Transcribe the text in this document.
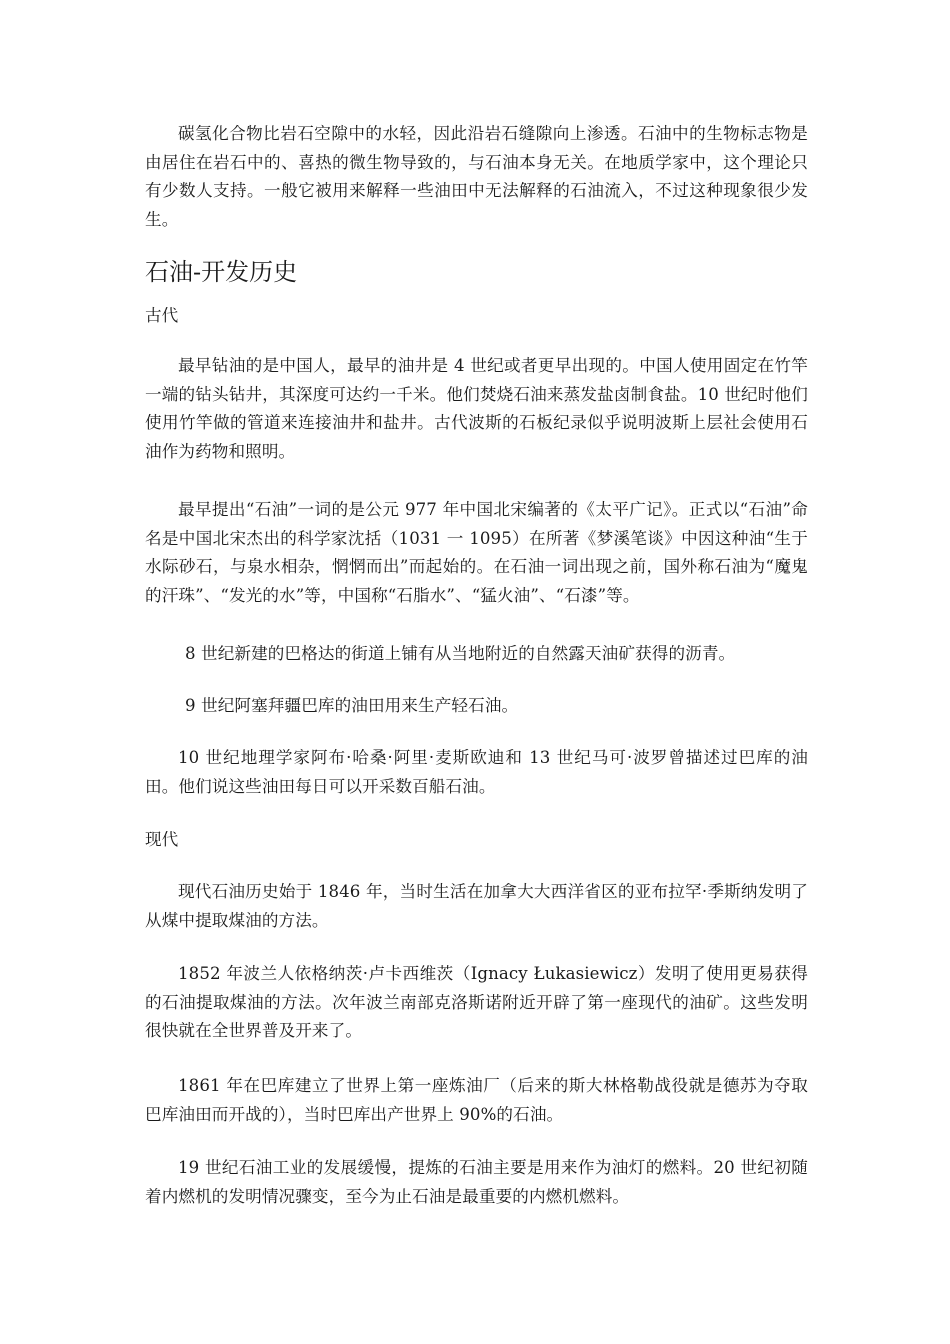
碳氢化合物比岩石空隙中的水轻，因此沿岩石缝隙向上渗透。石油中的生物标志物是由居住在岩石中的、喜热的微生物导致的，与石油本身无关。在地质学家中，这个理论只有少数人支持。一般它被用来解释一些油田中无法解释的石油流入，不过这种现象很少发生。

石油-开发历史
古代

最早钻油的是中国人，最早的油井是 4 世纪或者更早出现的。中国人使用固定在竹竿一端的钻头钻井，其深度可达约一千米。他们焚烧石油来蒸发盐卤制食盐。10 世纪时他们使用竹竿做的管道来连接油井和盐井。古代波斯的石板纪录似乎说明波斯上层社会使用石油作为药物和照明。

最早提出“石油”一词的是公元 977 年中国北宋编著的《太平广记》。正式以“石油”命名是中国北宋杰出的科学家沈括（1031 一 1095）在所著《梦溪笔谈》中因这种油“生于水际砂石，与泉水相杂，惘惘而出”而起始的。在石油一词出现之前，国外称石油为“魔鬼的汗珠”、“发光的水”等，中国称“石脂水”、“猛火油”、“石漆”等。

8 世纪新建的巴格达的街道上铺有从当地附近的自然露天油矿获得的沥青。

9 世纪阿塞拜疆巴库的油田用来生产轻石油。

10 世纪地理学家阿布·哈桑·阿里·麦斯欧迪和 13 世纪马可·波罗曾描述过巴库的油田。他们说这些油田每日可以开采数百船石油。

现代

现代石油历史始于 1846 年，当时生活在加拿大大西洋省区的亚布拉罕·季斯纳发明了从煤中提取煤油的方法。

1852 年波兰人依格纳茨·卢卡西维茨（Ignacy Łukasiewicz）发明了使用更易获得的石油提取煤油的方法。次年波兰南部克洛斯诺附近开辟了第一座现代的油矿。这些发明很快就在全世界普及开来了。

1861 年在巴库建立了世界上第一座炼油厂（后来的斯大林格勒战役就是德苏为夺取巴库油田而开战的），当时巴库出产世界上 90%的石油。

19 世纪石油工业的发展缓慢，提炼的石油主要是用来作为油灯的燃料。20 世纪初随着内燃机的发明情况骤变，至今为止石油是最重要的内燃机燃料。
